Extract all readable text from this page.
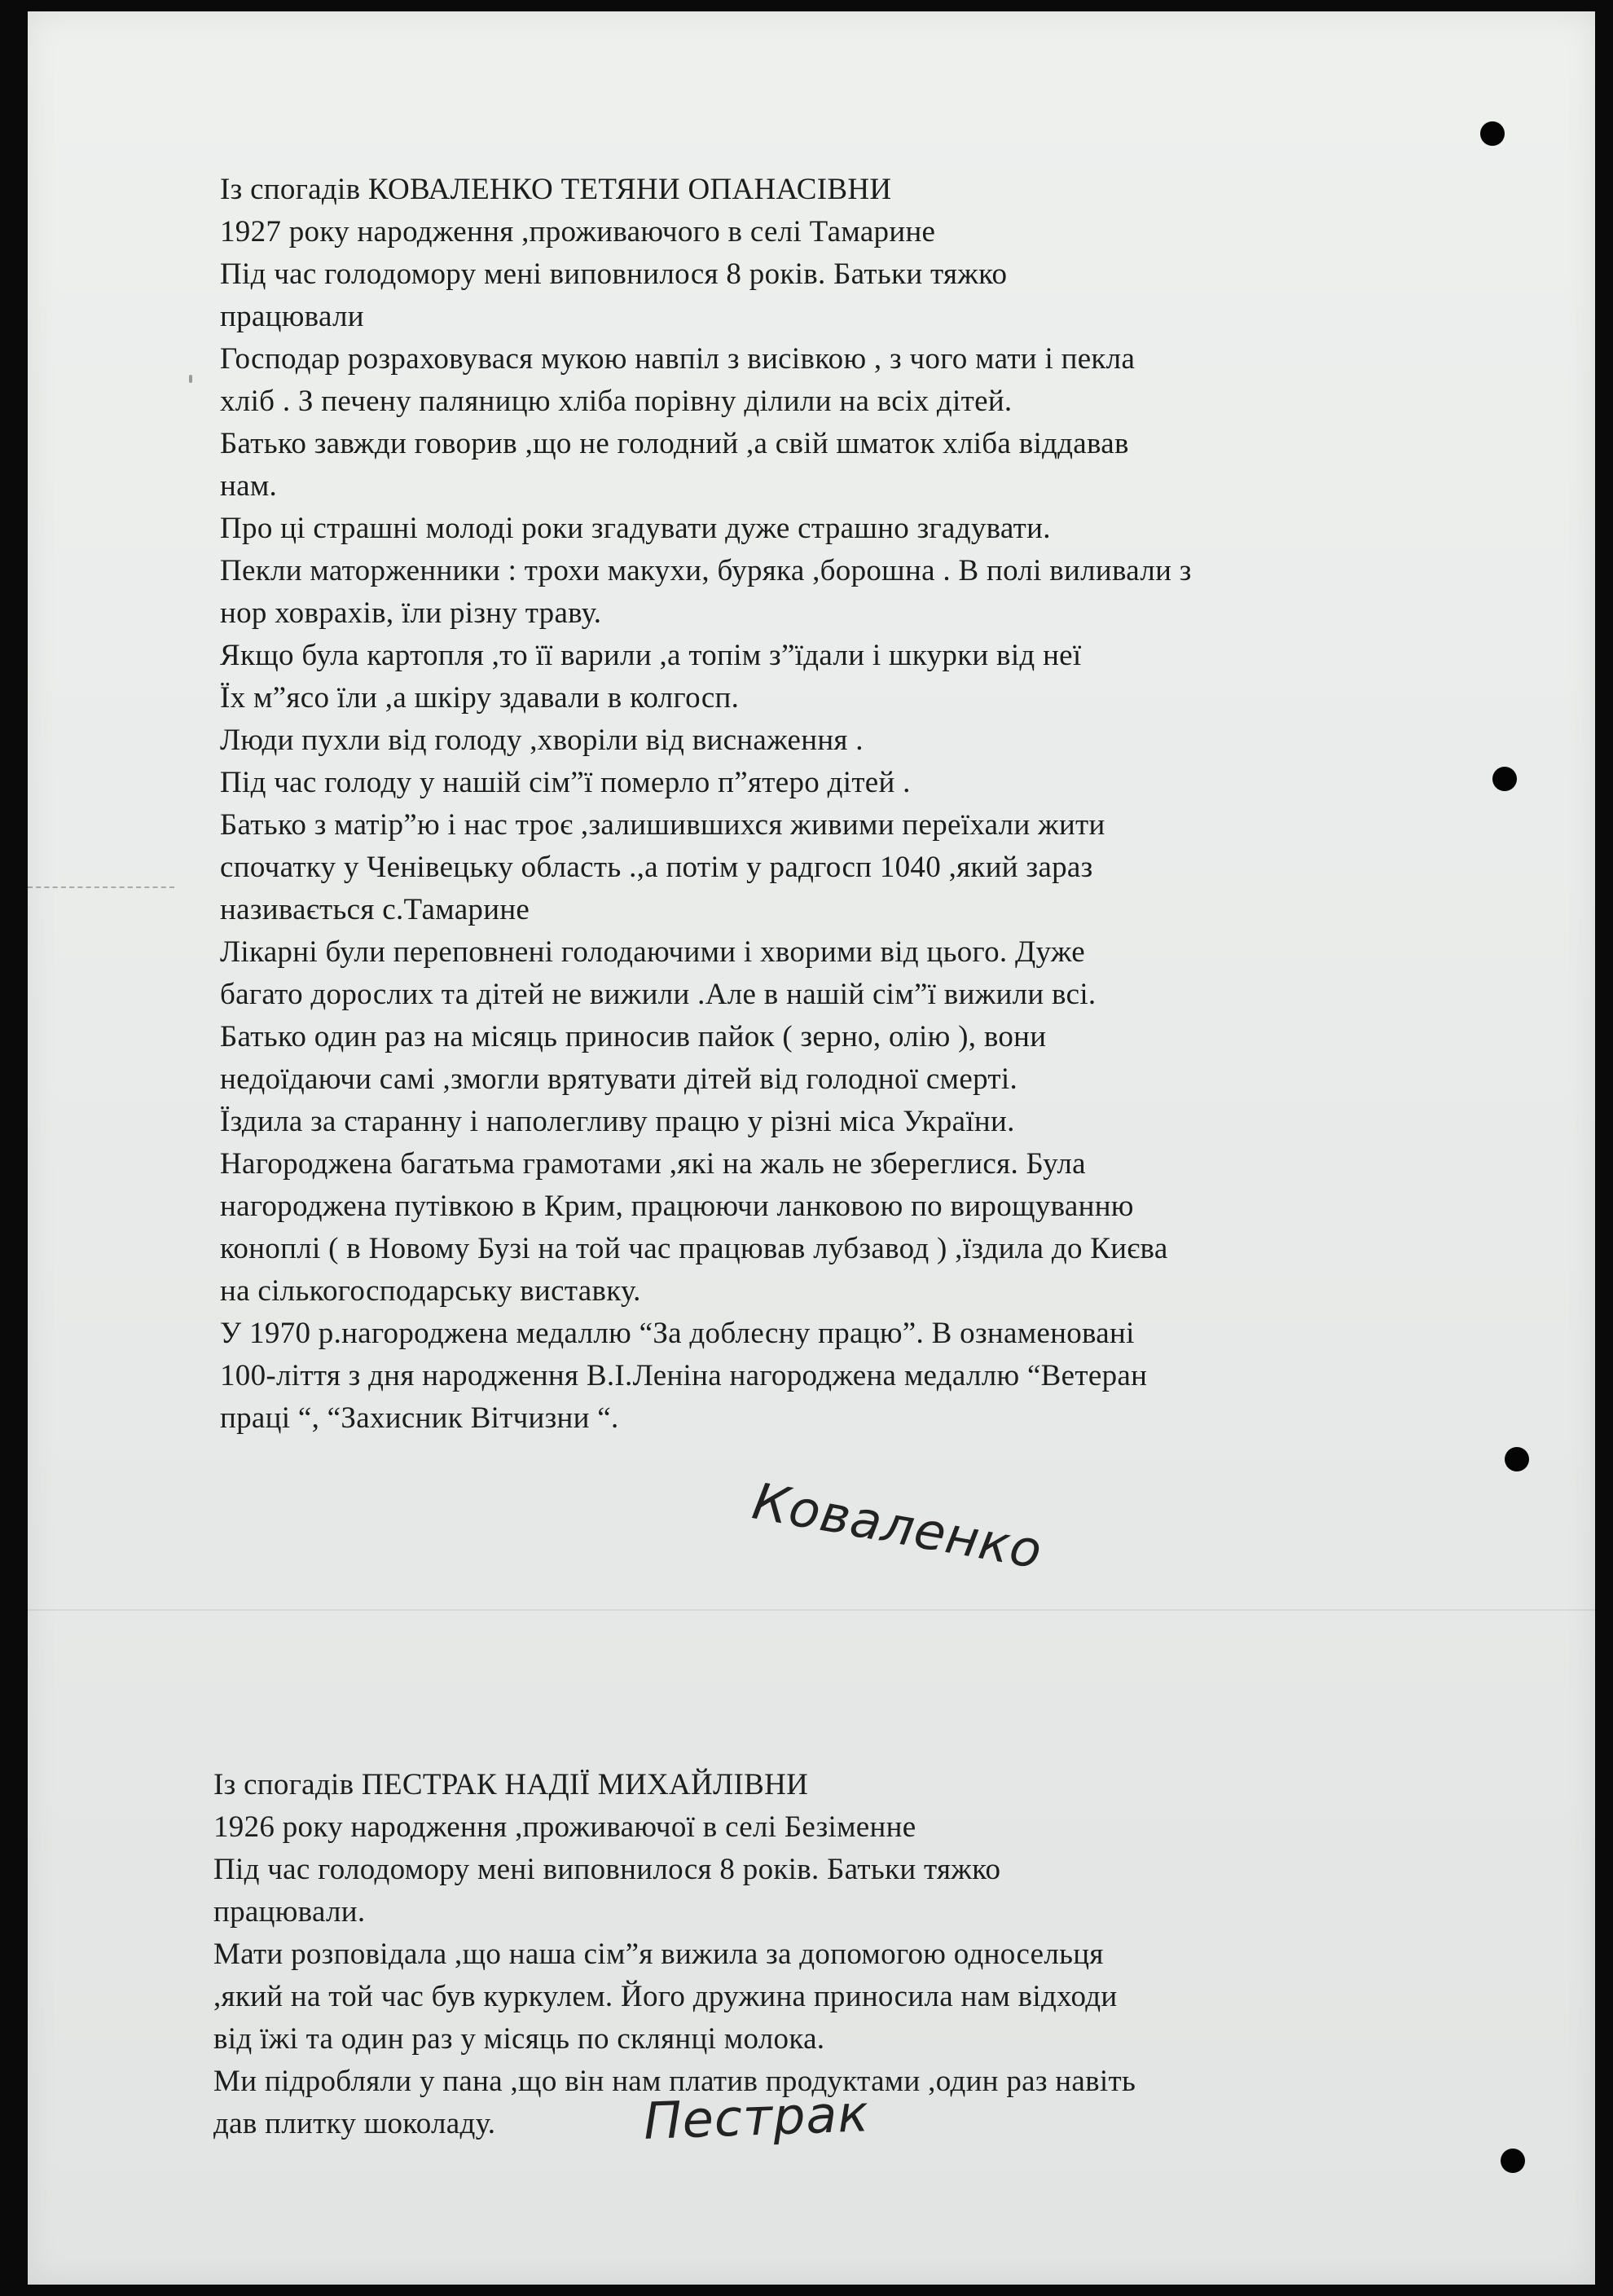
Із спогадів КОВАЛЕНКО ТЕТЯНИ ОПАНАСІВНИ
1927 року народження ,проживаючого в селі Тамарине
Під час голодомору мені виповнилося 8 років. Батьки тяжко
працювали
Господар розраховувася мукою навпіл з висівкою , з чого мати і пекла
хліб . З печену паляницю хліба порівну ділили на всіх дітей.
Батько завжди говорив ,що не голодний ,а свій шматок хліба віддавав
нам.
Про ці страшні молоді роки згадувати дуже страшно згадувати.
Пекли маторженники : трохи макухи, буряка ,борошна . В полі виливали з
нор ховрахів, їли різну траву.
Якщо була картопля ,то її варили ,а топім з”їдали і шкурки від неї
Їх м”ясо їли ,а шкіру здавали в колгосп.
Люди пухли від голоду ,хворіли від виснаження .
Під час голоду у нашій сім”ї померло п”ятеро дітей .
Батько з матір”ю і нас троє ,залишившихся живими переїхали жити
спочатку у Ченівецьку область .,а потім у радгосп 1040 ,який зараз
називається с.Тамарине
Лікарні були переповнені голодаючими і хворими від цього. Дуже
багато дорослих та дітей не вижили .Але в нашій сім”ї вижили всі.
Батько один раз на місяць приносив пайок ( зерно, олію ), вони
недоїдаючи самі ,змогли врятувати дітей від голодної смерті.
Їздила за старанну і наполегливу працю у різні міса України.
Нагороджена багатьма грамотами ,які на жаль не збереглися. Була
нагороджена путівкою в Крим, працюючи ланковою по вирощуванню
коноплі ( в Новому Бузі на той час працював лубзавод ) ,їздила до Києва
на сількогосподарську виставку.
У 1970 р.нагороджена медаллю “За доблесну працю”. В ознаменовані
100-ліття з дня народження В.І.Леніна нагороджена медаллю “Ветеран
праці “, “Захисник Вітчизни “.
Коваленко
Із спогадів ПЕСТРАК НАДІЇ МИХАЙЛІВНИ
1926 року народження ,проживаючої в селі Безіменне
Під час голодомору мені виповнилося 8 років. Батьки тяжко
працювали.
Мати розповідала ,що наша сім”я вижила за допомогою односельця
,який на той час був куркулем. Його дружина приносила нам відходи
від їжі та один раз у місяць по склянці молока.
Ми підробляли у пана ,що він нам платив продуктами ,один раз навіть
дав плитку шоколаду.	Пестрак
